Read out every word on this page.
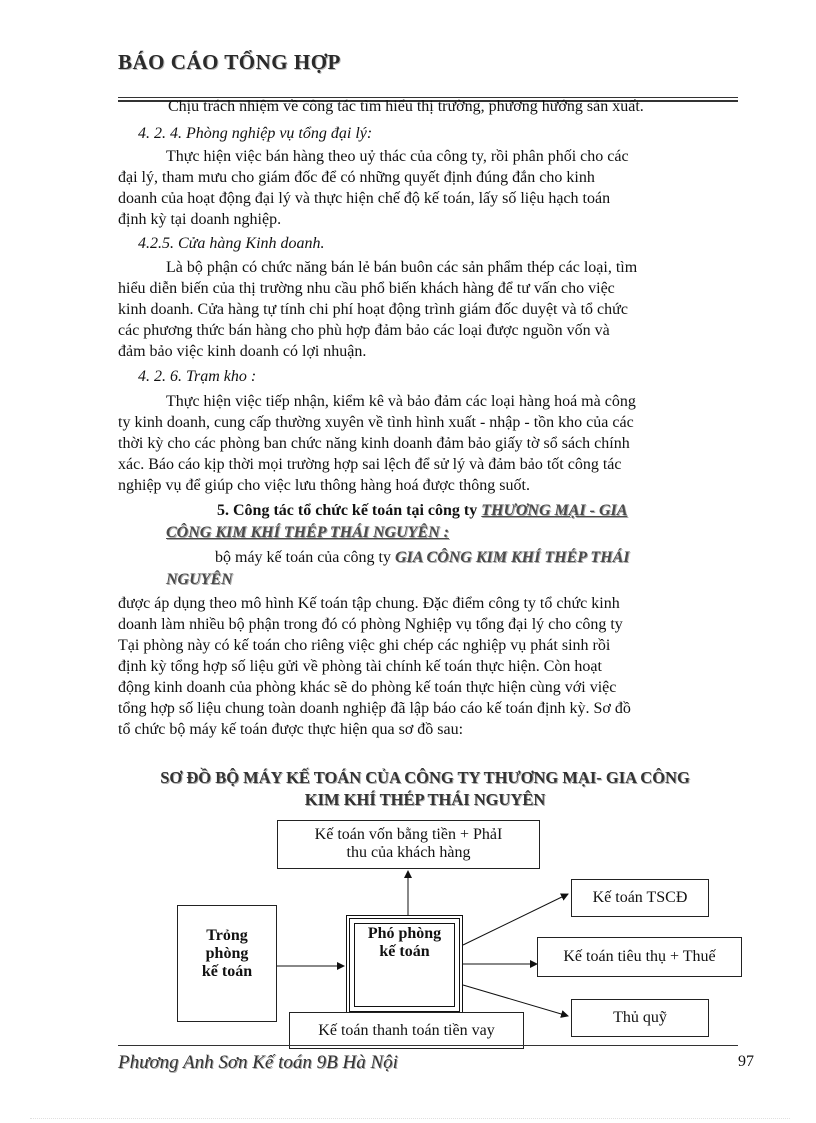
BÁO CÁO TỔNG HỢP
Chịu trách nhiệm về công tác tìm hiểu thị trường, phương hướng sản xuất.
4. 2. 4. Phòng nghiệp vụ tổng đại lý:
Thực hiện việc bán hàng theo uỷ thác của công ty, rồi phân phối cho các
đại lý, tham mưu cho giám đốc để có những quyết định đúng đắn cho kinh
doanh của hoạt động đại lý và thực hiện chế độ kế toán, lấy số liệu hạch toán
định kỳ tại doanh nghiệp.
4.2.5. Cửa hàng Kinh doanh.
Là bộ phận có chức năng bán lẻ bán buôn các sản phẩm thép các loại, tìm
hiểu diễn biến của thị trường nhu cầu phổ biến khách hàng để tư vấn cho việc
kinh doanh. Cửa hàng tự tính chi phí hoạt động trình giám đốc duyệt và tổ chức
các phương thức bán hàng cho phù hợp đảm bảo các loại được nguồn vốn và
đảm bảo việc kinh doanh có lợi nhuận.
4. 2. 6. Trạm kho :
Thực hiện việc tiếp nhận, kiểm kê và bảo đảm các loại hàng hoá mà công
ty kinh doanh, cung cấp thường xuyên về tình hình xuất - nhập - tồn kho của các
thời kỳ cho các phòng ban chức năng kinh doanh đảm bảo giấy tờ sổ sách chính
xác. Báo cáo kịp thời mọi trường hợp sai lệch để sử lý và đảm bảo tốt công tác
nghiệp vụ để giúp cho việc lưu thông hàng hoá được thông suốt.
5. Công tác tổ chức kế toán tại công ty THƯƠNG MẠI - GIA
CÔNG KIM KHÍ THÉP THÁI NGUYÊN :
bộ máy kế toán của công ty GIA CÔNG KIM KHÍ THÉP THÁI
NGUYÊN
được áp dụng theo mô hình Kế toán tập chung. Đặc điểm công ty tổ chức kinh
doanh làm nhiều bộ phận trong đó có phòng Nghiệp vụ tổng đại lý cho công ty
Tại phòng này có kế toán cho riêng việc ghi chép các nghiệp vụ phát sinh rồi
định kỳ tổng hợp số liệu gửi về phòng tài chính kế toán thực hiện. Còn hoạt
động kinh doanh của phòng khác sẽ do phòng kế toán thực hiện cùng với việc
tổng hợp số liệu chung toàn doanh nghiệp đã lập báo cáo kế toán định kỳ. Sơ đồ
tổ chức bộ máy kế toán được thực hiện qua sơ đồ sau:
SƠ ĐỒ BỘ MÁY KẾ TOÁN CỦA CÔNG TY THƯƠNG MẠI- GIA CÔNG
KIM KHÍ THÉP THÁI NGUYÊN
Kế toán vốn bằng tiền + PhảI
thu của khách hàng
Trỏng
phòng
kế toán
Phó phòng
kế toán
Kế toán TSCĐ
Kế toán tiêu thụ + Thuế
Thủ quỹ
Kế toán thanh toán tiền vay
Phương Anh Sơn Kế toán 9B Hà Nội	97
